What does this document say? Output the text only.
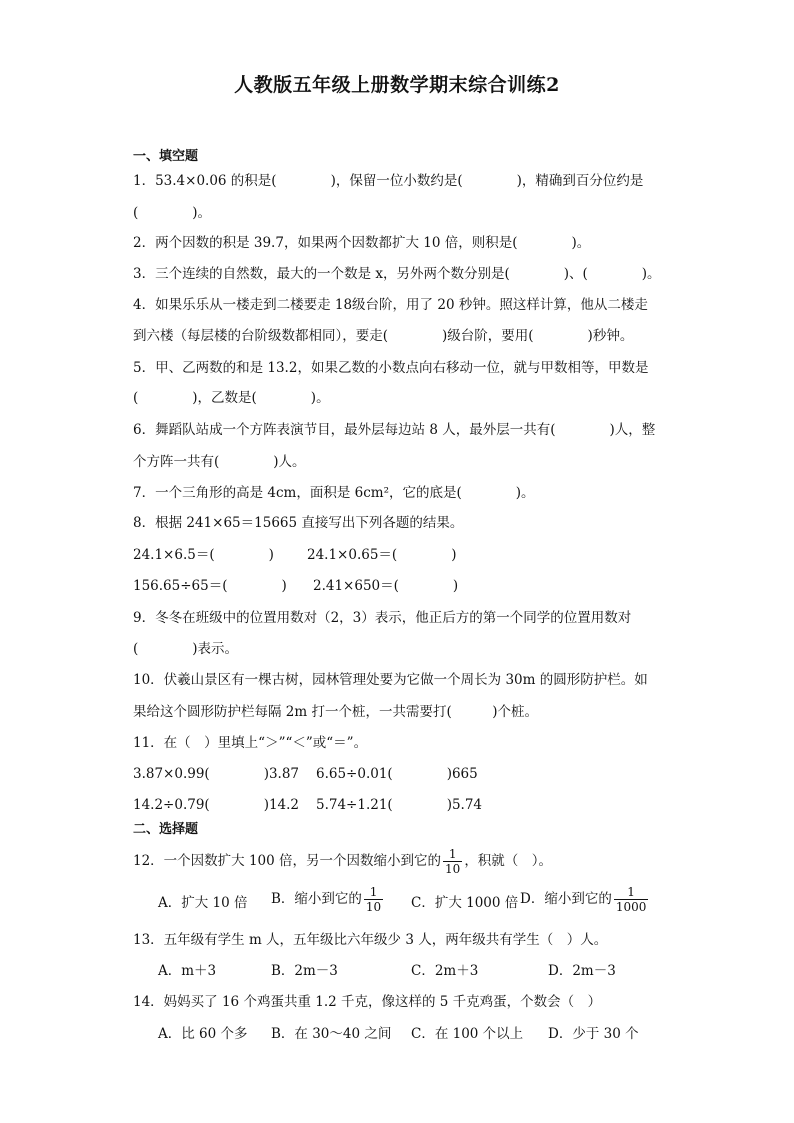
人教版五年级上册数学期末综合训练2
一、填空题
1．53.4×0.06 的积是(　　　　)，保留一位小数约是(　　　　)，精确到百分位约是
(　　　　)。
2．两个因数的积是 39.7，如果两个因数都扩大 10 倍，则积是(　　　　)。
3．三个连续的自然数，最大的一个数是 x，另外两个数分别是(　　　　)、(　　　　)。
4．如果乐乐从一楼走到二楼要走 18级台阶，用了 20 秒钟。照这样计算，他从二楼走
到六楼（每层楼的台阶级数都相同），要走(　　　　)级台阶，要用(　　　　)秒钟。
5．甲、乙两数的和是 13.2，如果乙数的小数点向右移动一位，就与甲数相等，甲数是
(　　　　)，乙数是(　　　　)。
6．舞蹈队站成一个方阵表演节目，最外层每边站 8 人，最外层一共有(　　　　)人，整
个方阵一共有(　　　　)人。
7．一个三角形的高是 4cm，面积是 6cm²，它的底是(　　　　)。
8．根据 241×65＝15665 直接写出下列各题的结果。
24.1×6.5＝(　　　　) 24.1×0.65＝(　　　　)
156.65÷65＝(　　　　) 2.41×650＝(　　　　)
9．冬冬在班级中的位置用数对（2，3）表示，他正后方的第一个同学的位置用数对
(　　　　)表示。
10．伏羲山景区有一棵古树，园林管理处要为它做一个周长为 30m 的圆形防护栏。如
果给这个圆形防护栏每隔 2m 打一个桩，一共需要打(　　　)个桩。
11．在（　）里填上“＞”“＜”或“＝”。
3.87×0.99(　　　　)3.87 6.65÷0.01(　　　　)665
14.2÷0.79(　　　　)14.2 5.74÷1.21(　　　　)5.74
二、选择题
12．一个因数扩大 100 倍，另一个因数缩小到它的 $\frac{1}{10}$ ，积就（　）。
A．扩大 10 倍 B．缩小到它的 $\frac{1}{10}$ C．扩大 1000 倍 D．缩小到它的 $\frac{1}{1000}$
13．五年级有学生 m 人，五年级比六年级少 3 人，两年级共有学生（　）人。
A．m＋3	B．2m－3	C．2m＋3	D．2m－3
14．妈妈买了 16 个鸡蛋共重 1.2 千克，像这样的 5 千克鸡蛋，个数会（　）
A．比 60 个多 B．在 30～40 之间 C．在 100 个以上 D．少于 30 个
